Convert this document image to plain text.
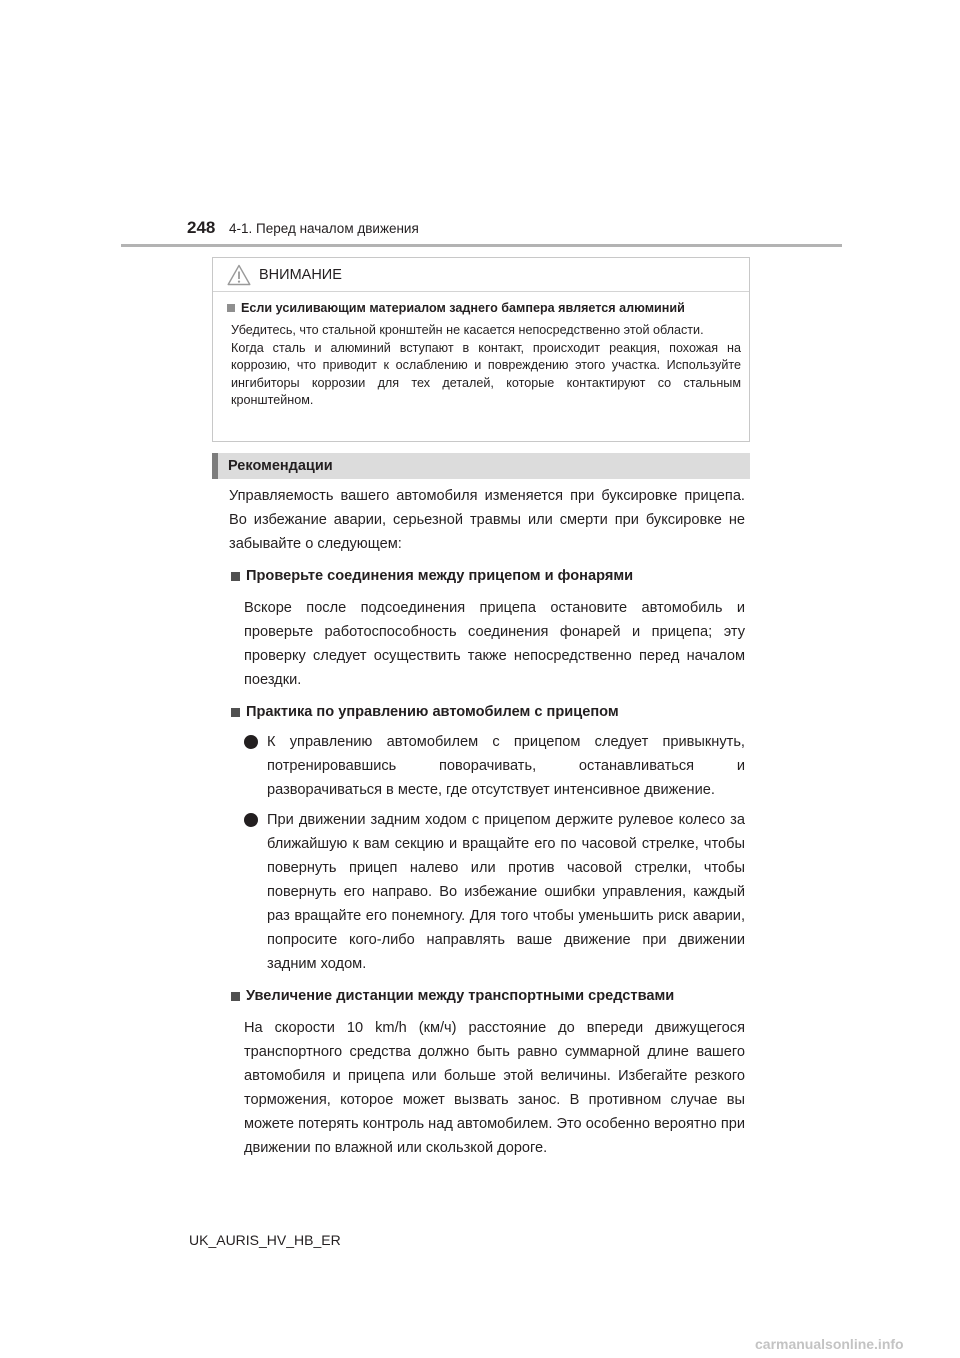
248 4-1. Перед началом движения
ВНИМАНИЕ
Если усиливающим материалом заднего бампера является алюминий

Убедитесь, что стальной кронштейн не касается непосредственно этой области.

Когда сталь и алюминий вступают в контакт, происходит реакция, похожая на коррозию, что приводит к ослаблению и повреждению этого участка. Используйте ингибиторы коррозии для тех деталей, которые контактируют со стальным кронштейном.

Рекомендации

Управляемость вашего автомобиля изменяется при буксировке прицепа. Во избежание аварии, серьезной травмы или смерти при буксировке не забывайте о следующем:

Проверьте соединения между прицепом и фонарями

Вскоре после подсоединения прицепа остановите автомобиль и проверьте работоспособность соединения фонарей и прицепа; эту проверку следует осуществить также непосредственно перед началом поездки.

Практика по управлению автомобилем с прицепом
К управлению автомобилем с прицепом следует привыкнуть, потренировавшись поворачивать, останавливаться и разворачиваться в месте, где отсутствует интенсивное движение.
При движении задним ходом с прицепом держите рулевое колесо за ближайшую к вам секцию и вращайте его по часовой стрелке, чтобы повернуть прицеп налево или против часовой стрелки, чтобы повернуть его направо. Во избежание ошибки управления, каждый раз вращайте его понемногу. Для того чтобы уменьшить риск аварии, попросите кого-либо направлять ваше движение при движении задним ходом.
Увеличение дистанции между транспортными средствами

На скорости 10 km/h (км/ч) расстояние до впереди движущегося транспортного средства должно быть равно суммарной длине вашего автомобиля и прицепа или больше этой величины. Избегайте резкого торможения, которое может вызвать занос. В противном случае вы можете потерять контроль над автомобилем. Это особенно вероятно при движении по влажной или скользкой дороге.

UK_AURIS_HV_HB_ER
carmanualsonline.info
